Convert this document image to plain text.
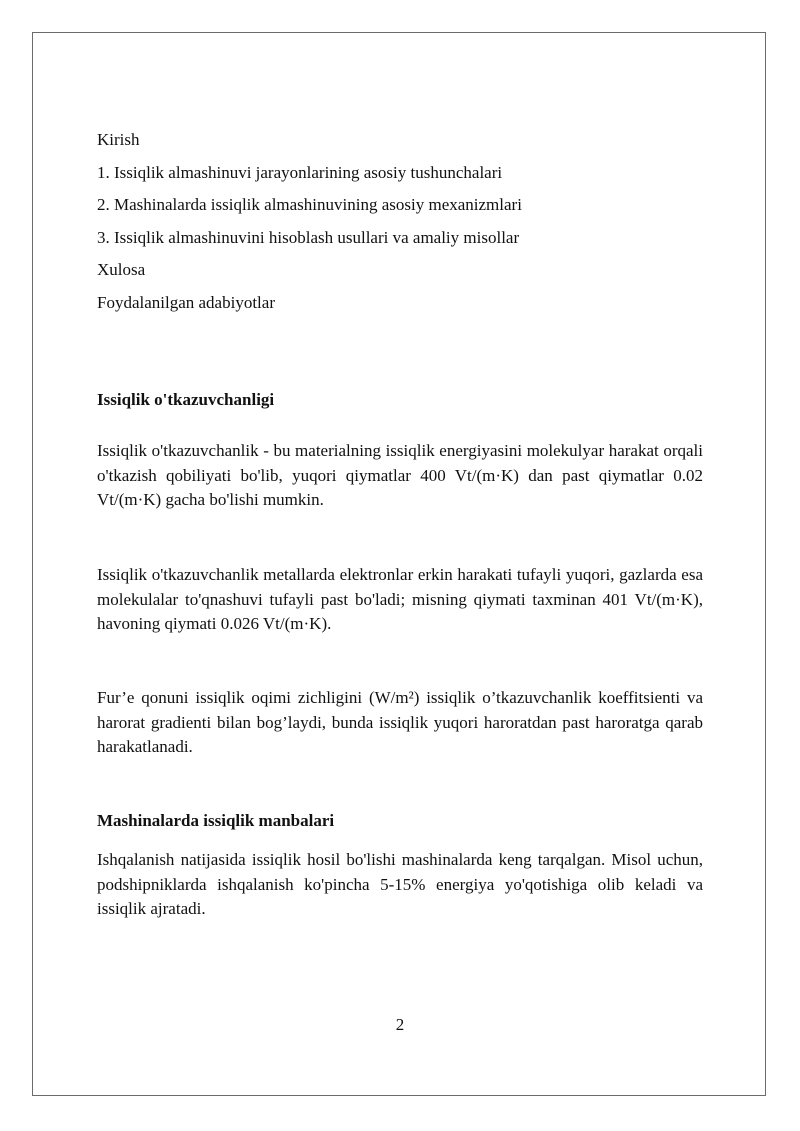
Kirish
1. Issiqlik almashinuvi jarayonlarining asosiy tushunchalari
2. Mashinalarda issiqlik almashinuvining asosiy mexanizmlari
3. Issiqlik almashinuvini hisoblash usullari va amaliy misollar
Xulosa
Foydalanilgan adabiyotlar
Issiqlik o'tkazuvchanligi

Issiqlik o'tkazuvchanlik - bu materialning issiqlik energiyasini molekulyar harakat orqali o'tkazish qobiliyati bo'lib, yuqori qiymatlar 400 Vt/(m·K) dan past qiymatlar 0.02 Vt/(m·K) gacha bo'lishi mumkin.

Issiqlik o'tkazuvchanlik metallarda elektronlar erkin harakati tufayli yuqori, gazlarda esa molekulalar to'qnashuvi tufayli past bo'ladi; misning qiymati taxminan 401 Vt/(m·K), havoning qiymati 0.026 Vt/(m·K).

Fur’e qonuni issiqlik oqimi zichligini (W/m²) issiqlik o’tkazuvchanlik koeffitsienti va harorat gradienti bilan bog’laydi, bunda issiqlik yuqori haroratdan past haroratga qarab harakatlanadi.

Mashinalarda issiqlik manbalari

Ishqalanish natijasida issiqlik hosil bo'lishi mashinalarda keng tarqalgan. Misol uchun, podshipniklarda ishqalanish ko'pincha 5-15% energiya yo'qotishiga olib keladi va issiqlik ajratadi.

2
